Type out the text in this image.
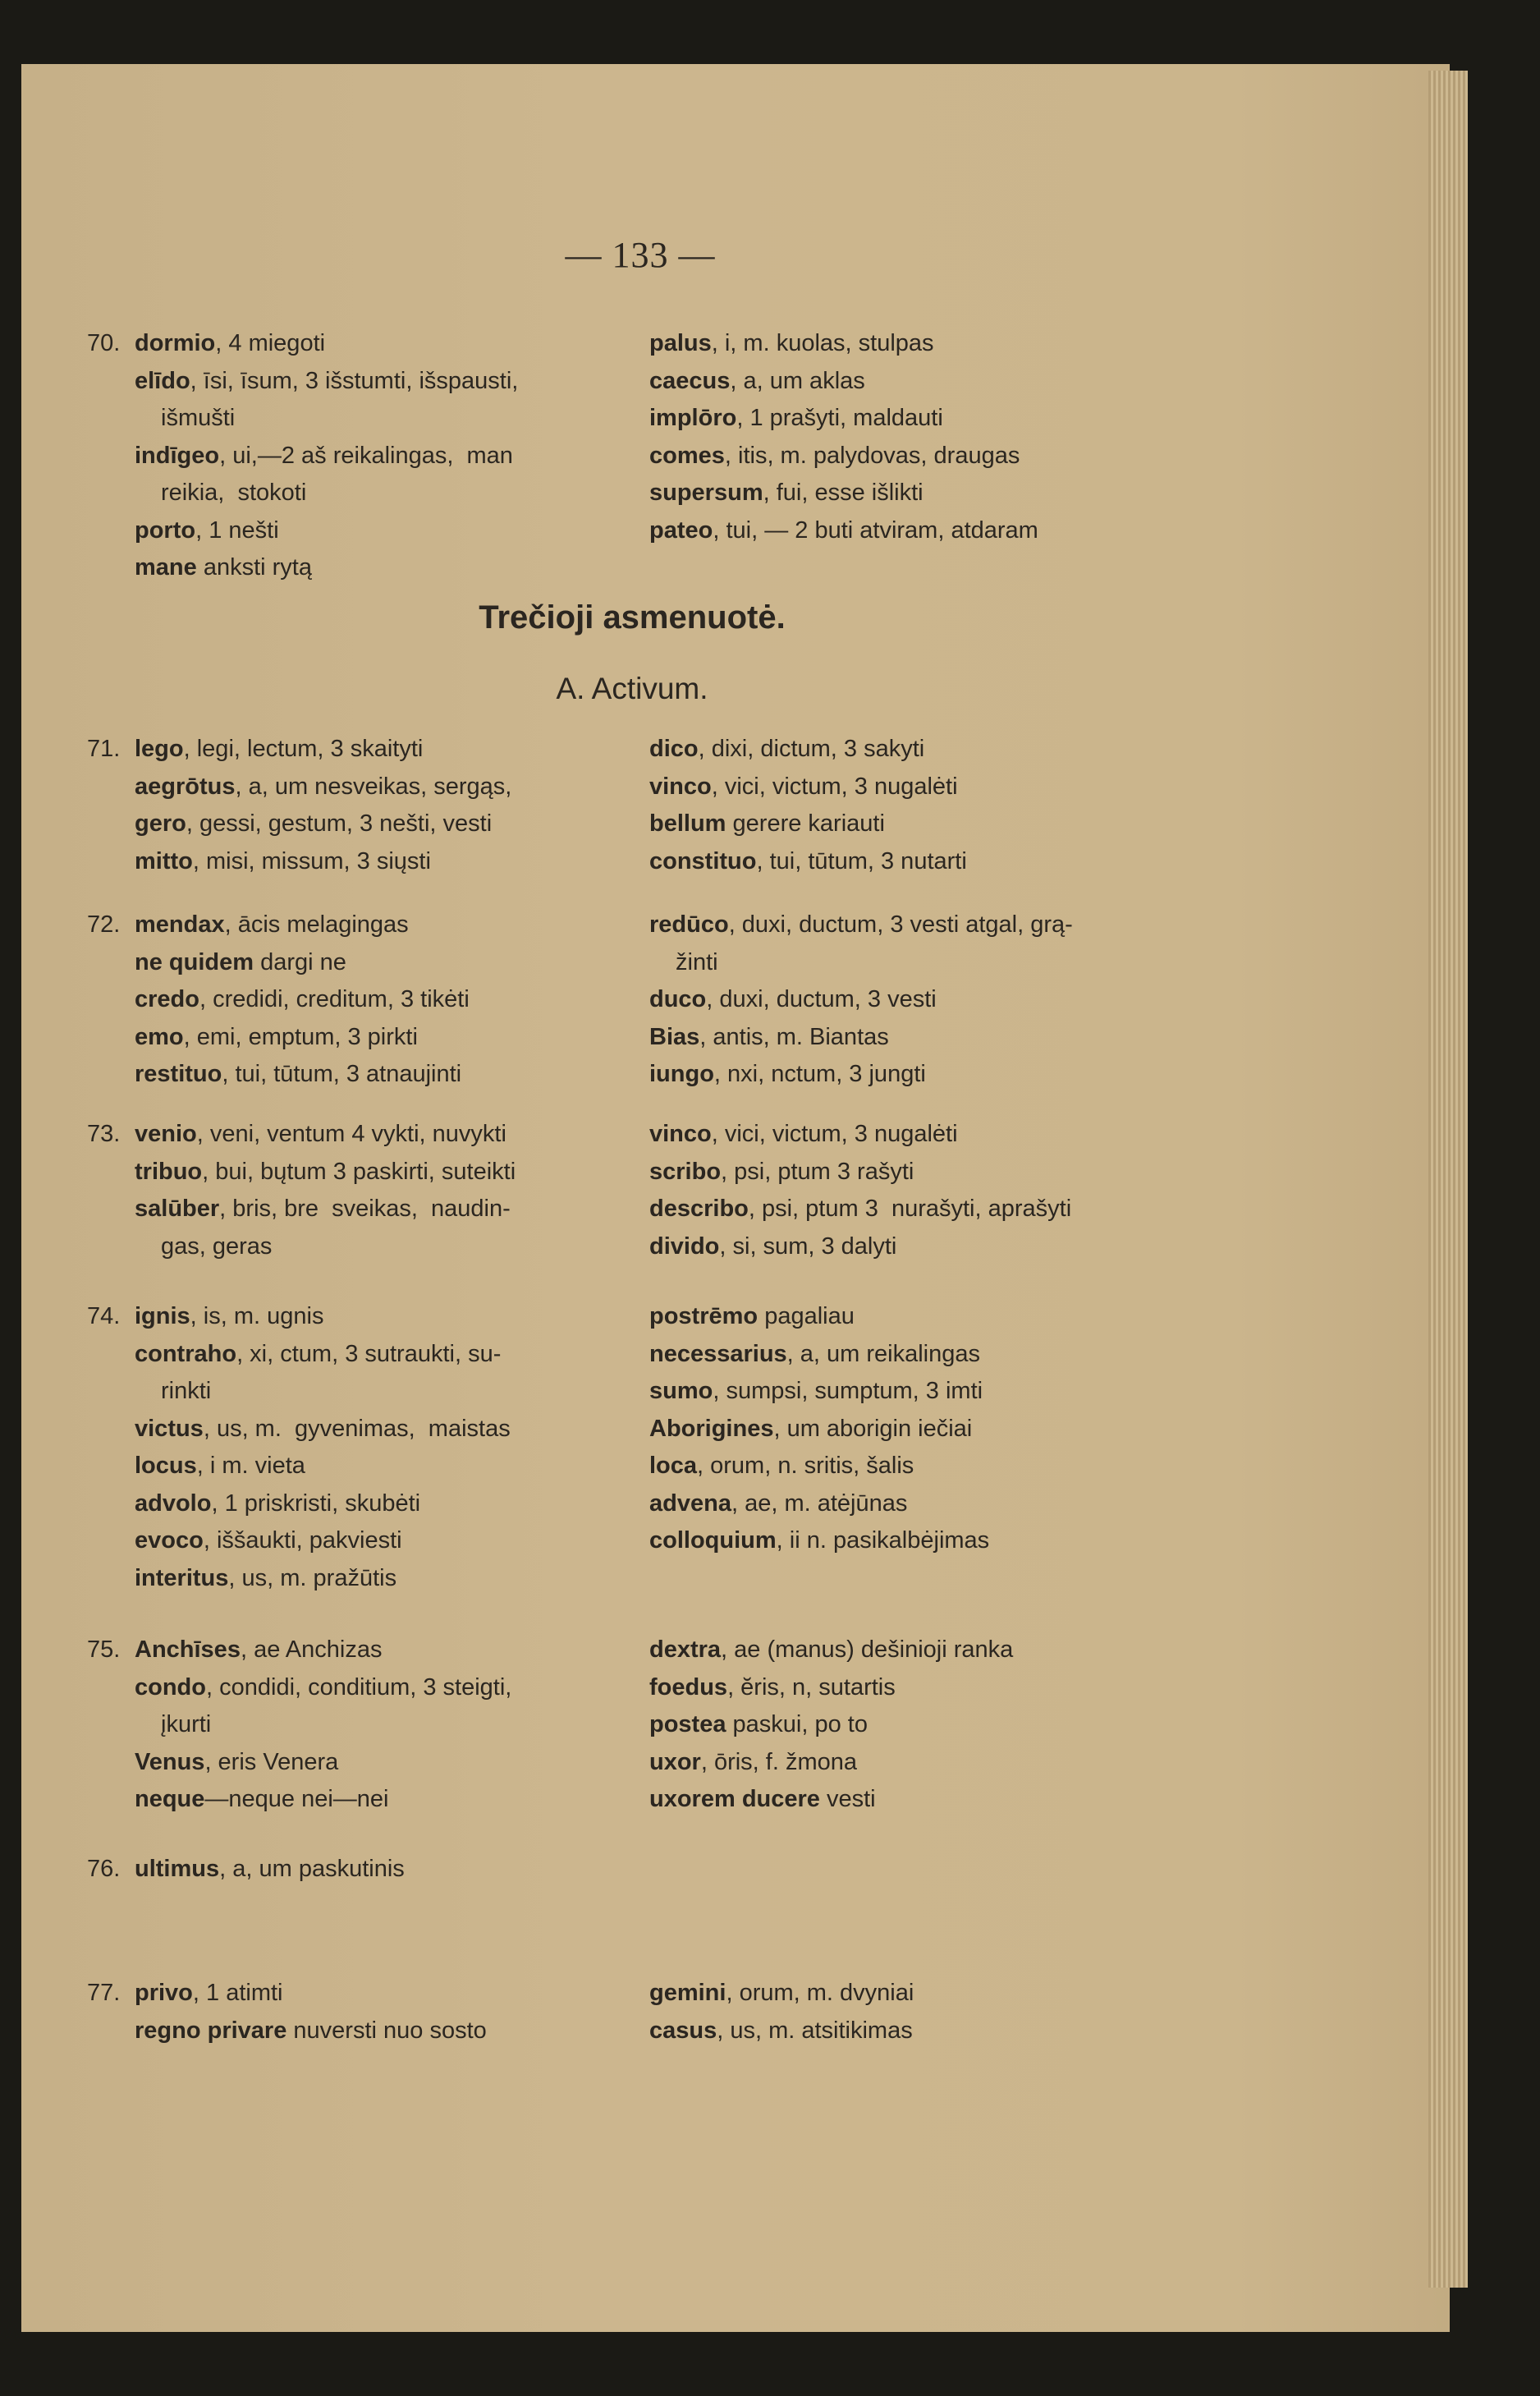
— 133 —
Trečioji asmenuotė.
A. Activum.
70. dormio, 4 miegoti
elīdo, īsi, īsum, 3 išstumti, išspausti,
išmušti
indīgeo, ui,—2 aš reikalingas,  man
reikia,  stokoti
porto, 1 nešti
mane anksti rytą
palus, i, m. kuolas, stulpas
caecus, a, um aklas
implōro, 1 prašyti, maldauti
comes, itis, m. palydovas, draugas
supersum, fui, esse išlikti
pateo, tui, — 2 buti atviram, atdaram
71. lego, legi, lectum, 3 skaityti
aegrōtus, a, um nesveikas, sergąs,
gero, gessi, gestum, 3 nešti, vesti
mitto, misi, missum, 3 siųsti
dico, dixi, dictum, 3 sakyti
vinco, vici, victum, 3 nugalėti
bellum gerere kariauti
constituo, tui, tūtum, 3 nutarti
72. mendax, ācis melagingas
ne quidem dargi ne
credo, credidi, creditum, 3 tikėti
emo, emi, emptum, 3 pirkti
restituo, tui, tūtum, 3 atnaujinti
redūco, duxi, ductum, 3 vesti atgal, grą-
žinti
duco, duxi, ductum, 3 vesti
Bias, antis, m. Biantas
iungo, nxi, nctum, 3 jungti
73. venio, veni, ventum 4 vykti, nuvykti
tribuo, bui, bųtum 3 paskirti, suteikti
salūber, bris, bre  sveikas,  naudin-
gas, geras
vinco, vici, victum, 3 nugalėti
scribo, psi, ptum 3 rašyti
describo, psi, ptum 3  nurašyti, aprašyti
divido, si, sum, 3 dalyti
74. ignis, is, m. ugnis
contraho, xi, ctum, 3 sutraukti, su-
rinkti
victus, us, m.  gyvenimas,  maistas
locus, i m. vieta
advolo, 1 priskristi, skubėti
evoco, iššaukti, pakviesti
interitus, us, m. pražūtis
postrēmo pagaliau
necessarius, a, um reikalingas
sumo, sumpsi, sumptum, 3 imti
Aborigines, um aborigin iečiai
loca, orum, n. sritis, šalis
advena, ae, m. atėjūnas
colloquium, ii n. pasikalbėjimas
75. Anchīses, ae Anchizas
condo, condidi, conditium, 3 steigti,
įkurti
Venus, eris Venera
neque—neque nei—nei
dextra, ae (manus) dešinioji ranka
foedus, ĕris, n, sutartis
postea paskui, po to
uxor, ōris, f. žmona
uxorem ducere vesti
76. ultimus, a, um paskutinis
77. privo, 1 atimti
regno privare nuversti nuo sosto
gemini, orum, m. dvyniai
casus, us, m. atsitikimas
